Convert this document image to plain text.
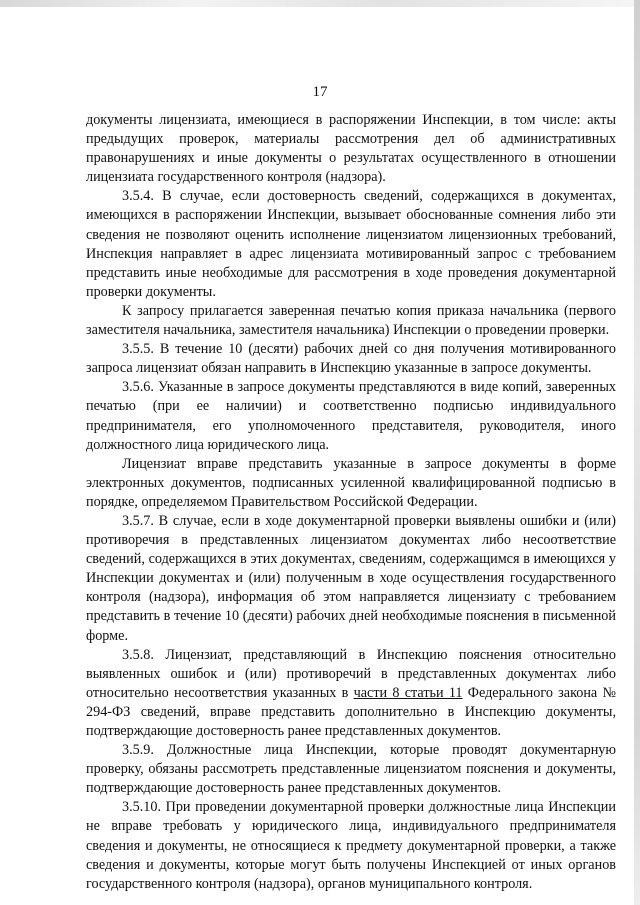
17

документы лицензиата, имеющиеся в распоряжении Инспекции, в том числе: акты предыдущих проверок, материалы рассмотрения дел об административных правонарушениях и иные документы о результатах осуществленного в отношении лицензиата государственного контроля (надзора).

3.5.4. В случае, если достоверность сведений, содержащихся в документах, имеющихся в распоряжении Инспекции, вызывает обоснованные сомнения либо эти сведения не позволяют оценить исполнение лицензиатом лицензионных требований, Инспекция направляет в адрес лицензиата мотивированный запрос с требованием представить иные необходимые для рассмотрения в ходе проведения документарной проверки документы.

К запросу прилагается заверенная печатью копия приказа начальника (первого заместителя начальника, заместителя начальника) Инспекции о проведении проверки.

3.5.5. В течение 10 (десяти) рабочих дней со дня получения мотивированного запроса лицензиат обязан направить в Инспекцию указанные в запросе документы.

3.5.6. Указанные в запросе документы представляются в виде копий, заверенных печатью (при ее наличии) и соответственно подписью индивидуального предпринимателя, его уполномоченного представителя, руководителя, иного должностного лица юридического лица.

Лицензиат вправе представить указанные в запросе документы в форме электронных документов, подписанных усиленной квалифицированной подписью в порядке, определяемом Правительством Российской Федерации.

3.5.7. В случае, если в ходе документарной проверки выявлены ошибки и (или) противоречия в представленных лицензиатом документах либо несоответствие сведений, содержащихся в этих документах, сведениям, содержащимся в имеющихся у Инспекции документах и (или) полученным в ходе осуществления государственного контроля (надзора), информация об этом направляется лицензиату с требованием представить в течение 10 (десяти) рабочих дней необходимые пояснения в письменной форме.

3.5.8. Лицензиат, представляющий в Инспекцию пояснения относительно выявленных ошибок и (или) противоречий в представленных документах либо относительно несоответствия указанных в части 8 статьи 11 Федерального закона № 294-ФЗ сведений, вправе представить дополнительно в Инспекцию документы, подтверждающие достоверность ранее представленных документов.

3.5.9. Должностные лица Инспекции, которые проводят документарную проверку, обязаны рассмотреть представленные лицензиатом пояснения и документы, подтверждающие достоверность ранее представленных документов.

3.5.10. При проведении документарной проверки должностные лица Инспекции не вправе требовать у юридического лица, индивидуального предпринимателя сведения и документы, не относящиеся к предмету документарной проверки, а также сведения и документы, которые могут быть получены Инспекцией от иных органов государственного контроля (надзора), органов муниципального контроля.
